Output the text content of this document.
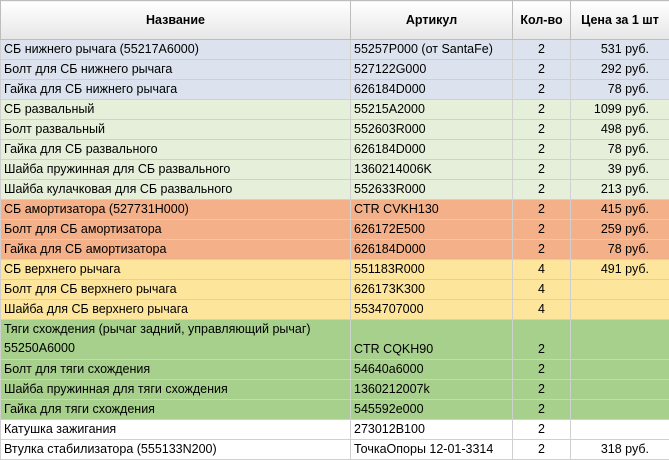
Название	Артикул	Кол-во	Цена за 1 шт
СБ нижнего рычага (55217А6000)	55257P000 (от SantaFe)	2	531 руб.
Болт для СБ нижнего рычага	527122G000	2	292 руб.
Гайка для СБ нижнего рычага	626184D000	2	78 руб.
СБ развальный	55215A2000	2	1099 руб.
Болт развальный	552603R000	2	498 руб.
Гайка для СБ развального	626184D000	2	78 руб.
Шайба пружинная для СБ развального	1360214006K	2	39 руб.
Шайба кулачковая для СБ развального	552633R000	2	213 руб.
СБ амортизатора (527731H000)	CTR CVKH130	2	415 руб.
Болт для СБ амортизатора	626172E500	2	259 руб.
Гайка для СБ амортизатора	626184D000	2	78 руб.
СБ верхнего рычага	551183R000	4	491 руб.
Болт для СБ верхнего рычага	626173K300	4	
Шайба для СБ верхнего рычага	5534707000	4	
Тяги схождения (рычаг задний, управляющий рычаг) 55250A6000	CTR CQKH90	2	
Болт для тяги схождения	54640a6000	2	
Шайба пружинная для тяги схождения	1360212007k	2	
Гайка для тяги схождения	545592e000	2	
Катушка зажигания	273012B100	2	
Втулка стабилизатора (555133N200)	ТочкаОпоры 12-01-3314	2	318 руб.
